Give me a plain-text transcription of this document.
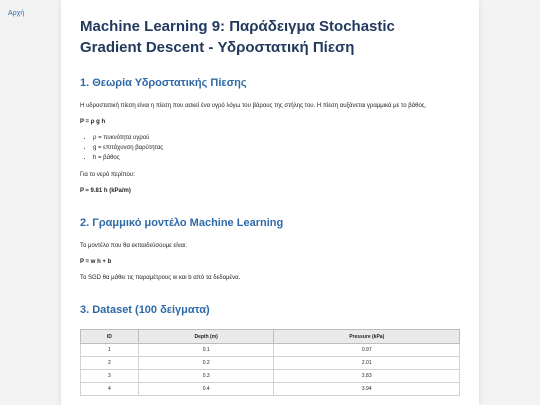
Αρχή
Machine Learning 9: Παράδειγμα Stochastic Gradient Descent - Υδροστατική Πίεση
1. Θεωρία Υδροστατικής Πίεσης

Η υδροστατική πίεση είναι η πίεση που ασκεί ένα υγρό λόγω του βάρους της στήλης του. Η πίεση αυξάνεται γραμμικά με το βάθος.

P = ρ g h

• ρ = πυκνότητα υγρού
• g = επιτάχυνση βαρύτητας
• h = βάθος

Για το νερό περίπου:

P ≈ 9.81 h (kPa/m)

2. Γραμμικό μοντέλο Machine Learning

Το μοντέλο που θα εκπαιδεύσουμε είναι:

P = w h + b

Το SGD θα μάθει τις παραμέτρους w και b από τα δεδομένα.

3. Dataset (100 δείγματα)
ID	Depth (m)	Pressure (kPa)
1	0.1	0.97
2	0.2	2.01
3	0.3	2.83
4	0.4	3.94
